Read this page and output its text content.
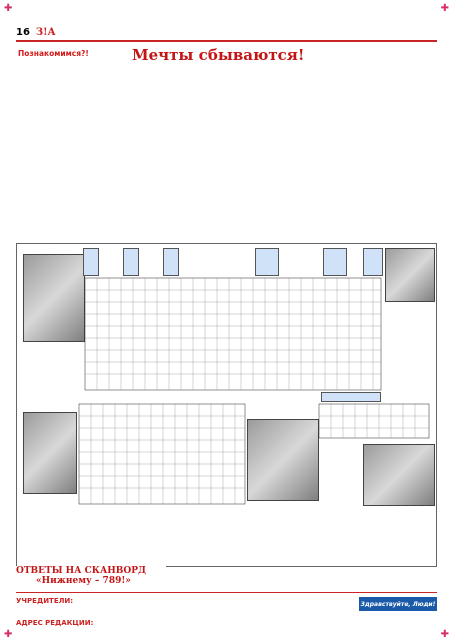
✚	✚
✚	✚
16 З!А
Познакомимся?!	Мечты сбываются!
ОТВЕТЫ НА СКАНВОРД
«Нижнему – 789!»
УЧРЕДИТЕЛИ:
АДРЕС РЕДАКЦИИ:
Здравствуйте, Люди!
